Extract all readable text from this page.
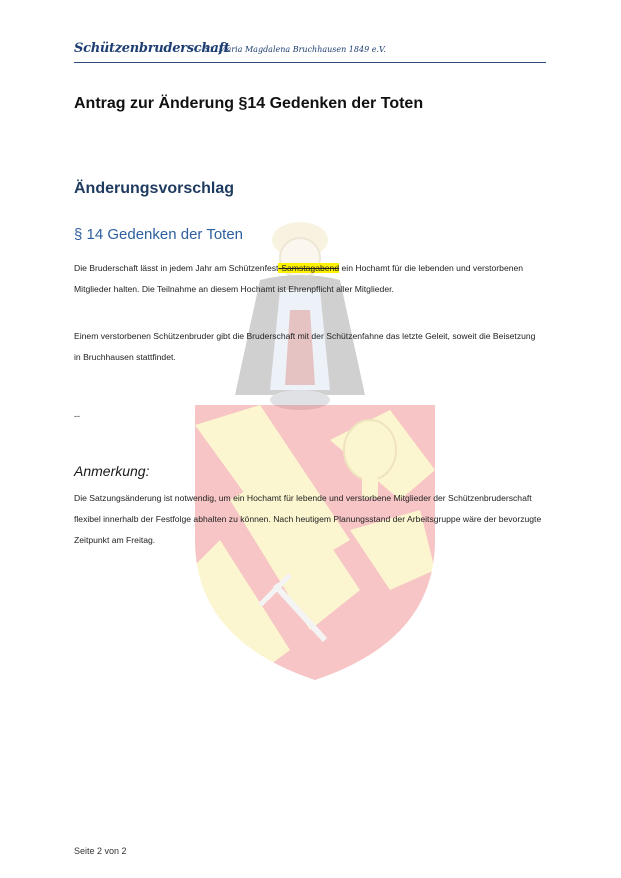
Schützenbruderschaft
– St. Maria Magdalena Bruchhausen 1849 e.V.
Antrag zur Änderung §14 Gedenken der Toten
Änderungsvorschlag
§ 14 Gedenken der Toten
Die Bruderschaft lässt in jedem Jahr am Schützenfest-Samstagabend ein Hochamt für die lebenden und verstorbenen Mitglieder halten. Die Teilnahme an diesem Hochamt ist Ehrenpflicht aller Mitglieder.
Einem verstorbenen Schützenbruder gibt die Bruderschaft mit der Schützenfahne das letzte Geleit, soweit die Beisetzung in Bruchhausen stattfindet.
--
Anmerkung:
Die Satzungsänderung ist notwendig, um ein Hochamt für lebende und verstorbene Mitglieder der Schützenbruderschaft flexibel innerhalb der Festfolge abhalten zu können. Nach heutigem Planungsstand der Arbeitsgruppe wäre der bevorzugte Zeitpunkt am Freitag.
Seite 2 von 2
